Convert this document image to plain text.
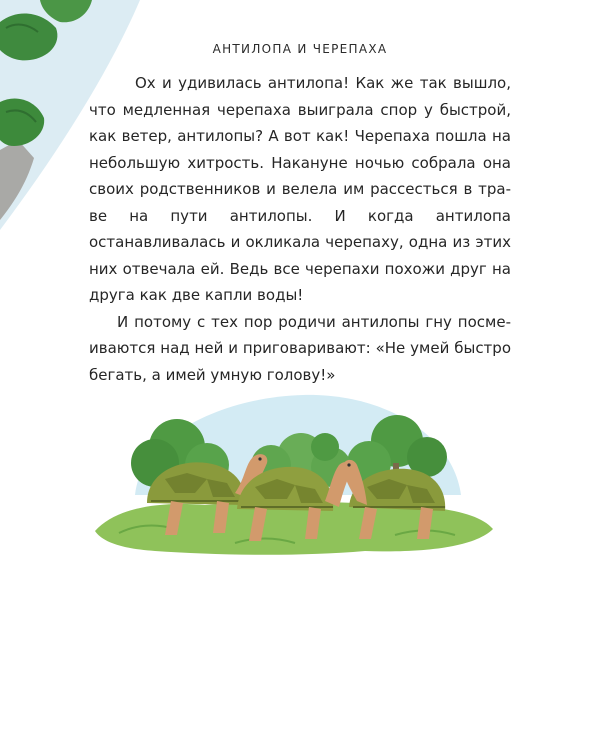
АНТИЛОПА И ЧЕРЕПАХА

Ох и удивилась антилопа! Как же так вышло, что медленная черепаха выиграла спор у быстрой, как ветер, антилопы? А вот как! Черепаха пошла на небольшую хитрость. Накануне ночью собрала она своих родственников и велела им рассесться в траве на пути антилопы. И когда антилопа останавливалась и окликала черепаху, одна из этих них отвечала ей. Ведь все черепахи похожи друг на друга как две капли воды!

И потому с тех пор родичи антилопы гну посмеиваются над ней и приговаривают: «Не умей быстро бегать, а имей умную голову!»
